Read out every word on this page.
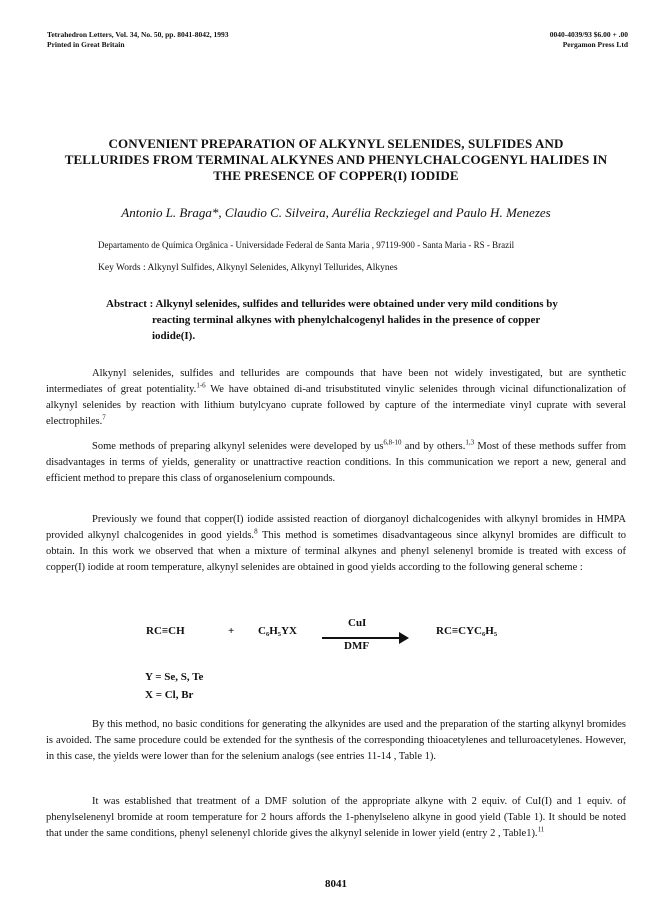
Tetrahedron Letters, Vol. 34, No. 50, pp. 8041-8042, 1993
Printed in Great Britain
0040-4039/93 $6.00 + .00
Pergamon Press Ltd
CONVENIENT PREPARATION OF ALKYNYL SELENIDES, SULFIDES AND
TELLURIDES FROM TERMINAL ALKYNES AND PHENYLCHALCOGENYL HALIDES IN
THE PRESENCE OF COPPER(I) IODIDE
Antonio L. Braga*, Claudio C. Silveira, Aurélia Reckziegel and Paulo H. Menezes
Departamento de Química Orgânica - Universidade Federal de Santa Maria , 97119-900 - Santa Maria - RS - Brazil
Key Words : Alkynyl Sulfides, Alkynyl Selenides, Alkynyl Tellurides, Alkynes
Abstract : Alkynyl selenides, sulfides and tellurides were obtained under very mild conditions by
reacting terminal alkynes with phenylchalcogenyl halides in the presence of copper
iodide(I).

Alkynyl selenides, sulfides and tellurides are compounds that have been not widely investigated, but are synthetic intermediates of great potentiality.$^{1-6}$ We have obtained di-and trisubstituted vinylic selenides through vicinal difunctionalization of alkynyl selenides by reaction with lithium butylcyano cuprate followed by capture of the intermediate vinyl cuprate with several electrophiles.$^7$

Some methods of preparing alkynyl selenides were developed by us$^{6,8-10}$ and by others.$^{1,3}$ Most of these methods suffer from disadvantages in terms of yields, generality or unattractive reaction conditions. In this communication we report a new, general and efficient method to prepare this class of organoselenium compounds.

Previously we found that copper(I) iodide assisted reaction of diorganoyl dichalcogenides with alkynyl bromides in HMPA provided alkynyl chalcogenides in good yields.$^8$ This method is sometimes disadvantageous since alkynyl bromides are difficult to obtain. In this work we observed that when a mixture of terminal alkynes and phenyl selenenyl bromide is treated with excess of copper(I) iodide at room temperature, alkynyl selenides are obtained in good yields according to the following general scheme :

RC≡CH	+ C₆H₅YX
CuI
DMF
RC≡CYC₆H₅
Y = Se, S, Te
X = Cl, Br

By this method, no basic conditions for generating the alkynides are used and the preparation of the starting alkynyl bromides is avoided. The same procedure could be extended for the synthesis of the corresponding thioacetylenes and telluroacetylenes. However, in this case, the yields were lower than for the selenium analogs (see entries 11-14 , Table 1).

It was established that treatment of a DMF solution of the appropriate alkyne with 2 equiv. of CuI(I) and 1 equiv. of phenylselenenyl bromide at room temperature for 2 hours affords the 1-phenylseleno alkyne in good yield (Table 1). It should be noted that under the same conditions, phenyl selenenyl chloride gives the alkynyl selenide in lower yield (entry 2 , Table1).$^{11}$

8041
